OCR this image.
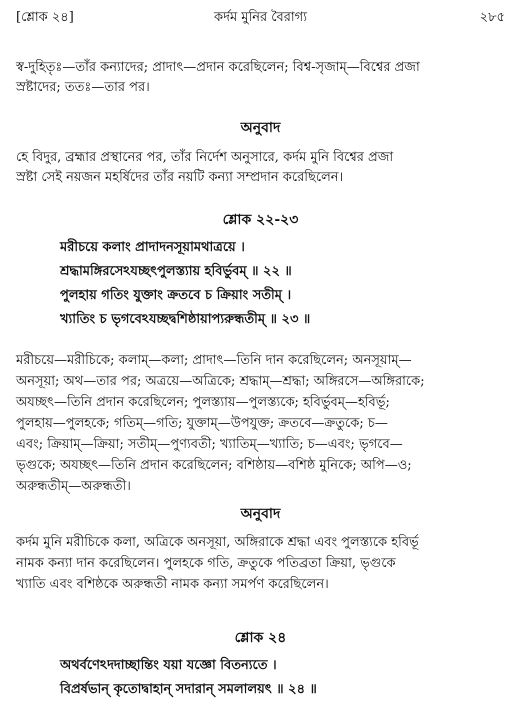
[শ্লোক ২৪]	কর্দম মুনির বৈরাগ্য	২৮৫
স্ব-দুহিতৃঃ—তাঁর কন্যাদের; প্রাদাৎ—প্রদান করেছিলেন; বিশ্ব-সৃজাম্—বিশ্বের প্রজা
স্রষ্টাদের; ততঃ—তার পর।
অনুবাদ
হে বিদুর, ব্রহ্মার প্রস্থানের পর, তাঁর নির্দেশ অনুসারে, কর্দম মুনি বিশ্বের প্রজা
স্রষ্টা সেই নয়জন মহর্ষিদের তাঁর নয়টি কন্যা সম্প্রদান করেছিলেন।
শ্লোক ২২-২৩
মরীচয়ে কলাং প্রাদাদনসূয়ামথাত্রয়ে ।
শ্রদ্ধামঙ্গিরসেঽযচ্ছৎপুলস্ত্যায় হবির্ভুবম্ ॥ ২২ ॥
পুলহায় গতিং যুক্তাং ক্রতবে চ ক্রিয়াং সতীম্ ।
খ্যাতিং চ ভৃগবেঽযচ্ছদ্বশিষ্ঠায়াপ্যরুন্ধতীম্ ॥ ২৩ ॥
মরীচয়ে—মরীচিকে; কলাম্—কলা; প্রাদাৎ—তিনি দান করেছিলেন; অনসূয়াম্—
অনসূয়া; অথ—তার পর; অত্রয়ে—অত্রিকে; শ্রদ্ধাম্—শ্রদ্ধা; অঙ্গিরসে—অঙ্গিরাকে;
অযচ্ছৎ—তিনি প্রদান করেছিলেন; পুলস্ত্যায়—পুলস্ত্যকে; হবির্ভুবম্—হবির্ভূ;
পুলহায়—পুলহকে; গতিম্—গতি; যুক্তাম্—উপযুক্ত; ক্রতবে—ক্রতুকে; চ—
এবং; ক্রিয়াম্—ক্রিয়া; সতীম্—পুণ্যবতী; খ্যাতিম্—খ্যাতি; চ—এবং; ভৃগবে—
ভৃগুকে; অযচ্ছৎ—তিনি প্রদান করেছিলেন; বশিষ্ঠায়—বশিষ্ঠ মুনিকে; অপি—ও;
অরুন্ধতীম্—অরুন্ধতী।
অনুবাদ
কর্দম মুনি মরীচিকে কলা, অত্রিকে অনসূয়া, অঙ্গিরাকে শ্রদ্ধা এবং পুলস্ত্যকে হবির্ভূ
নামক কন্যা দান করেছিলেন। পুলহকে গতি, ক্রতুকে পতিব্রতা ক্রিয়া, ভৃগুকে
খ্যাতি এবং বশিষ্ঠকে অরুন্ধতী নামক কন্যা সমর্পণ করেছিলেন।
শ্লোক ২৪
অথর্বণেঽদদাচ্ছান্তিং যয়া যজ্ঞো বিতন্যতে ।
বিপ্রর্ষভান্ কৃতোদ্বাহান্ সদারান্ সমলালয়ৎ ॥ ২৪ ॥
